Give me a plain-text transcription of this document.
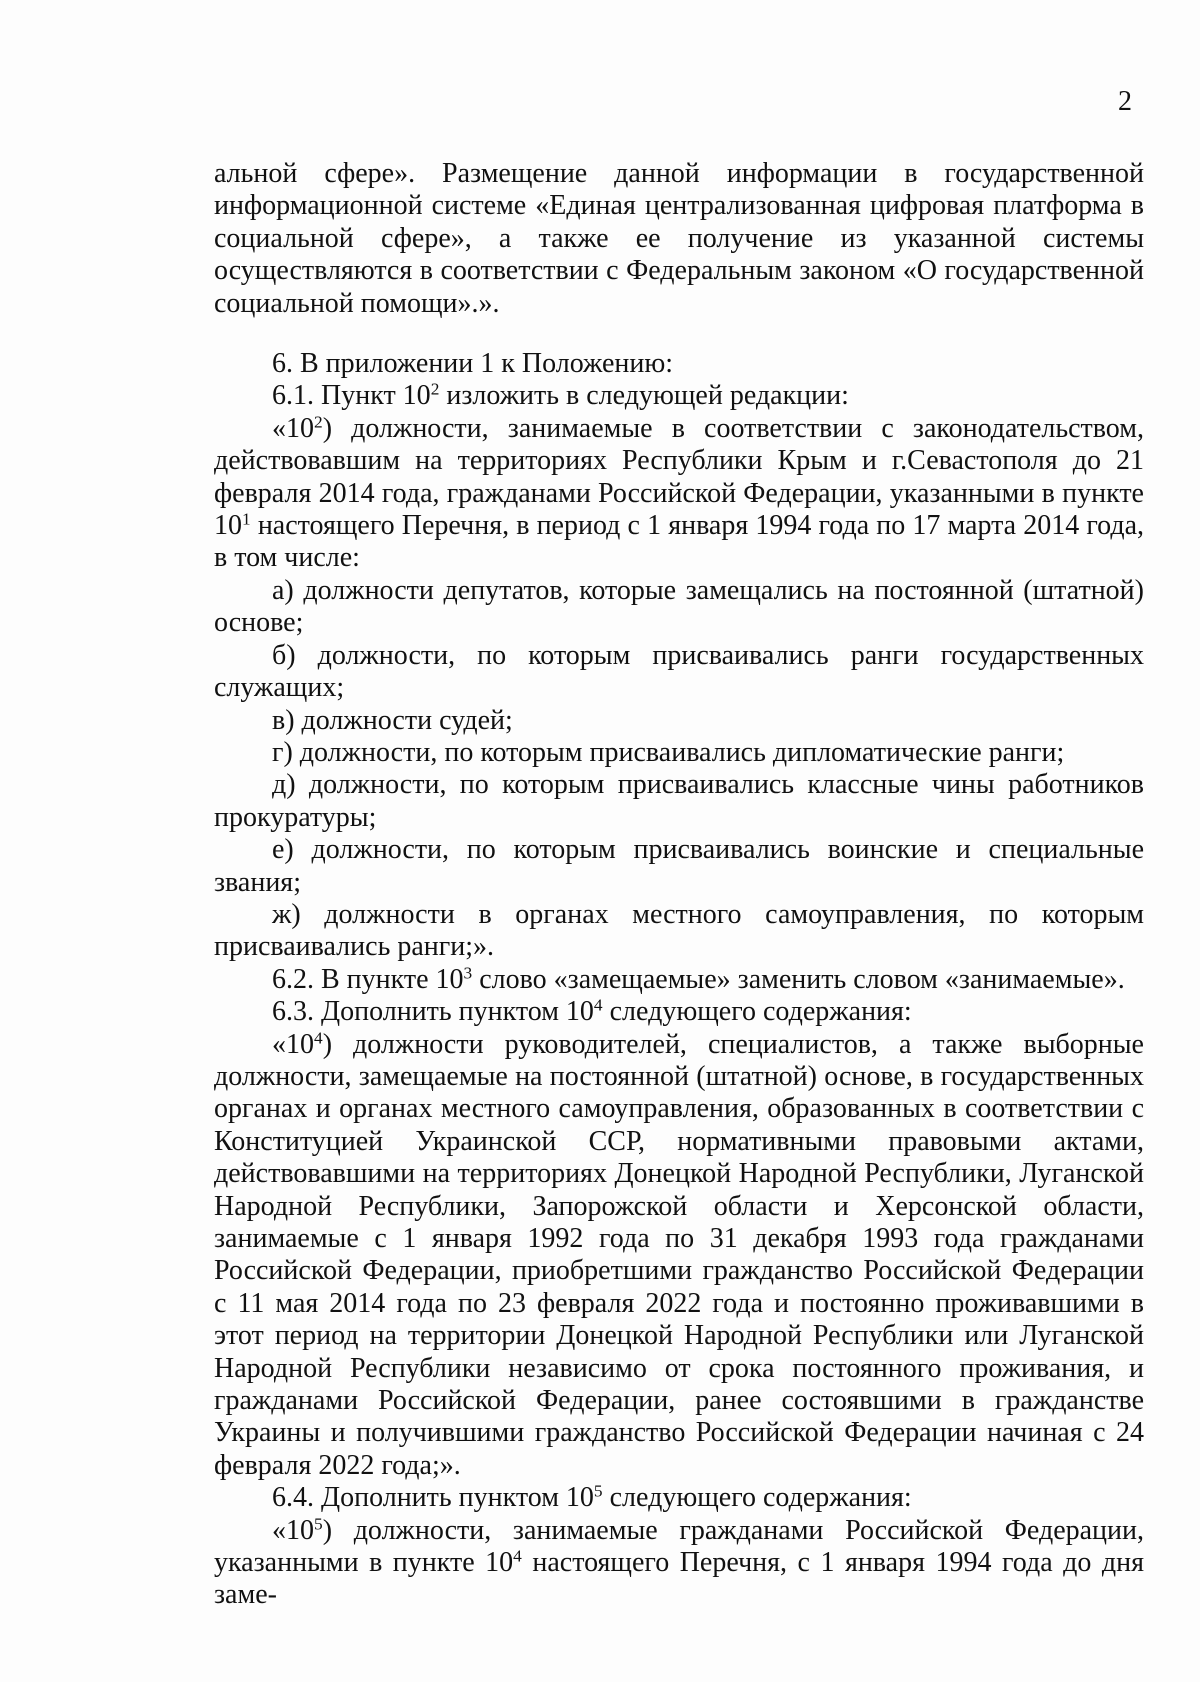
2

альной сфере». Размещение данной информации в государственной информационной системе «Единая централизованная цифровая платформа в социальной сфере», а также ее получение из указанной системы осуществляются в соответствии с Федеральным законом «О государственной социальной помощи».».

6. В приложении 1 к Положению:

6.1. Пункт $10^2$ изложить в следующей редакции:

«$10^2$) должности, занимаемые в соответствии с законодательством, действовавшим на территориях Республики Крым и г.Севастополя до 21 февраля 2014 года, гражданами Российской Федерации, указанными в пункте $10^1$ настоящего Перечня, в период с 1 января 1994 года по 17 марта 2014 года, в том числе:

а) должности депутатов, которые замещались на постоянной (штатной) основе;

б) должности, по которым присваивались ранги государственных служащих;

в) должности судей;

г) должности, по которым присваивались дипломатические ранги;

д) должности, по которым присваивались классные чины работников прокуратуры;

е) должности, по которым присваивались воинские и специальные звания;

ж) должности в органах местного самоуправления, по которым присваивались ранги;».

6.2. В пункте $10^3$ слово «замещаемые» заменить словом «занимаемые».

6.3. Дополнить пунктом $10^4$ следующего содержания:

«$10^4$) должности руководителей, специалистов, а также выборные должности, замещаемые на постоянной (штатной) основе, в государственных органах и органах местного самоуправления, образованных в соответствии с Конституцией Украинской ССР, нормативными правовыми актами, действовавшими на территориях Донецкой Народной Республики, Луганской Народной Республики, Запорожской области и Херсонской области, занимаемые с 1 января 1992 года по 31 декабря 1993 года гражданами Российской Федерации, приобретшими гражданство Российской Федерации с 11 мая 2014 года по 23 февраля 2022 года и постоянно проживавшими в этот период на территории Донецкой Народной Республики или Луганской Народной Республики независимо от срока постоянного проживания, и гражданами Российской Федерации, ранее состоявшими в гражданстве Украины и получившими гражданство Российской Федерации начиная с 24 февраля 2022 года;».

6.4. Дополнить пунктом $10^5$ следующего содержания:

«$10^5$) должности, занимаемые гражданами Российской Федерации, указанными в пункте $10^4$ настоящего Перечня, с 1 января 1994 года до дня заме-
